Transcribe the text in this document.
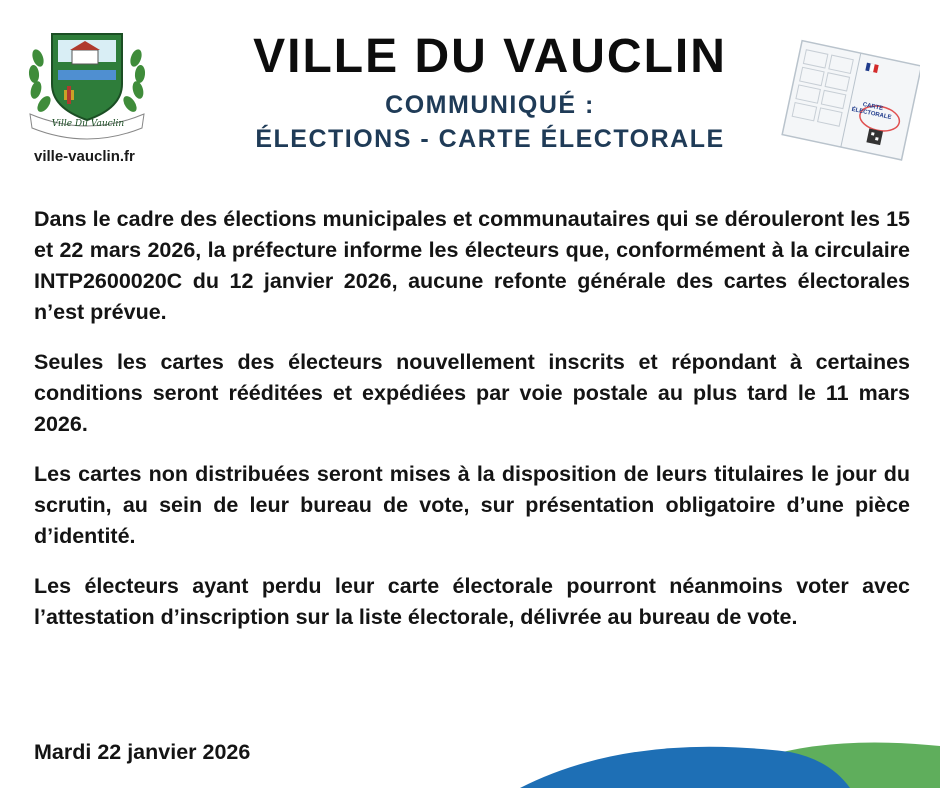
Ville Du Vauclin
ville-vauclin.fr
VILLE DU VAUCLIN
COMMUNIQUÉ :
ÉLECTIONS - CARTE ÉLECTORALE
CARTE ÉLECTORALE

Dans le cadre des élections municipales et communautaires qui se dérouleront les 15 et 22 mars 2026, la préfecture informe les électeurs que, conformément à la circulaire INTP2600020C du 12 janvier 2026, aucune refonte générale des cartes électorales n’est prévue.

Seules les cartes des électeurs nouvellement inscrits et répondant à certaines conditions seront rééditées et expédiées par voie postale au plus tard le 11 mars 2026.

Les cartes non distribuées seront mises à la disposition de leurs titulaires le jour du scrutin, au sein de leur bureau de vote, sur présentation obligatoire d’une pièce d’identité.

Les électeurs ayant perdu leur carte électorale pourront néanmoins voter avec l’attestation d’inscription sur la liste électorale, délivrée au bureau de vote.

Mardi 22 janvier 2026
